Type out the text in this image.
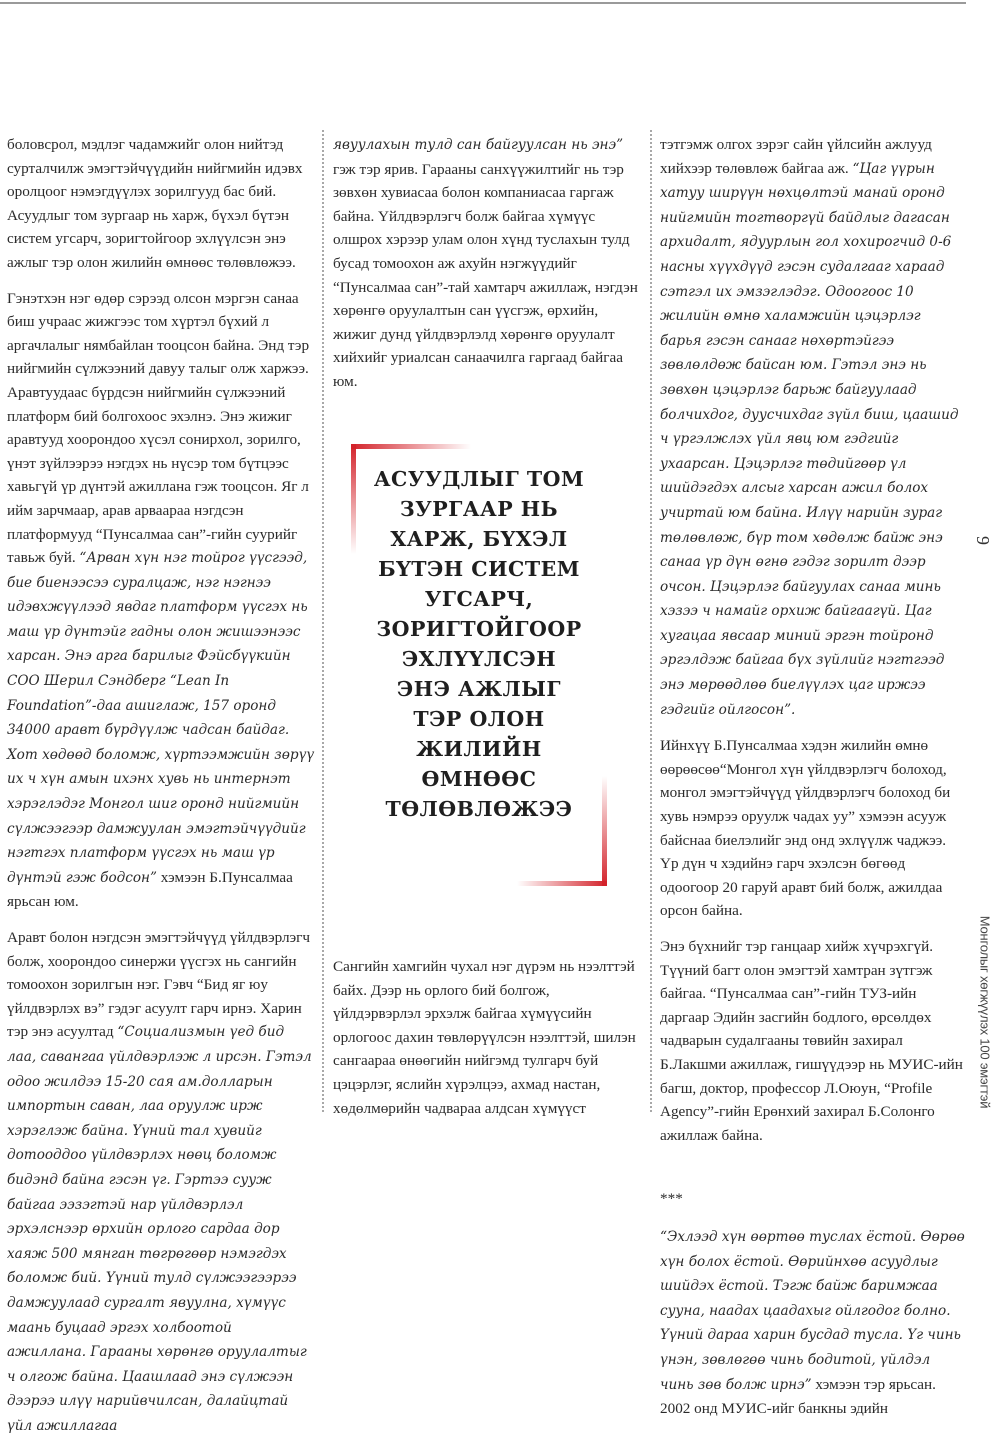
боловсрол, мэдлэг чадамжийг олон нийтэд сурталчилж эмэгтэйчүүдийн нийгмийн идэвх оролцоог нэмэгдүүлэх зорилгууд бас бий. Асуудлыг том зургаар нь харж, бүхэл бүтэн систем угсарч, зоригтойгоор эхлүүлсэн энэ ажлыг тэр олон жилийн өмнөөс төлөвлөжээ.

Гэнэтхэн нэг өдөр сэрээд олсон мэргэн санаа биш учраас жижгээс том хүртэл бүхий л аргачлалыг нямбайлан тооцсон байна. Энд тэр нийгмийн сүлжээний давуу талыг олж харжээ. Аравтуудаас бүрдсэн нийгмийн сүлжээний платформ бий болгохоос эхэлнэ. Энэ жижиг аравтууд хоорондоо хүсэл сонирхол, зорилго, үнэт зүйлээрээ нэгдэх нь нүсэр том бүтцээс хавьгүй үр дүнтэй ажиллана гэж тооцсон. Яг л ийм зарчмаар, арав арваараа нэгдсэн платформууд “Пунсалмаа сан”-гийн суурийг тавьж буй. “Арван хүн нэг тойрог үүсгээд, бие биенээсээ суралцаж, нэг нэгнээ идэвхжүүлээд явдаг платформ үүсгэх нь маш үр дүнтэйг гадны олон жишээнээс харсан. Энэ арга барилыг Фэйсбүүкийн COO Шерил Сэндберг “Lean In Foundation”-даа ашиглаж, 157 оронд 34000 аравт бүрдүүлж чадсан байдаг. Хот хөдөөд боломж, хүртээмжийн зөрүү их ч хүн амын ихэнх хувь нь интернэт хэрэглэдэг Монгол шиг оронд нийгмийн сүлжээгээр дамжуулан эмэгтэйчүүдийг нэгтгэх платформ үүсгэх нь маш үр дүнтэй гэж бодсон” хэмээн Б.Пунсалмаа ярьсан юм.

Аравт болон нэгдсэн эмэгтэйчүүд үйлдвэрлэгч болж, хоорондоо синержи үүсгэх нь сангийн томоохон зорилгын нэг. Гэвч “Бид яг юу үйлдвэрлэх вэ” гэдэг асуулт гарч ирнэ. Харин тэр энэ асуултад “Социализмын үед бид лаа, савангаа үйлдвэрлэж л ирсэн. Гэтэл одоо жилдээ 15-20 сая ам.долларын импортын саван, лаа оруулж ирж хэрэглэж байна. Үүний тал хувийг дотооддоо үйлдвэрлэх нөөц боломж бидэнд байна гэсэн үг. Гэртээ сууж байгаа ээзэгтэй нар үйлдвэрлэл эрхэлснээр өрхийн орлого сардаа дор хаяж 500 мянган төгрөгөөр нэмэгдэх боломж бий. Үүний тулд сүлжээгээрээ дамжуулаад сургалт явуулна, хүмүүс маань буцаад эргэх холбоотой ажиллана. Гарааны хөрөнгө оруулалтыг ч олгож байна. Цаашлаад энэ сүлжээн дээрээ илүү нарийвчилсан, далайцтай үйл ажиллагаа

явуулахын тулд сан байгуулсан нь энэ” гэж тэр ярив. Гарааны санхүүжилтийг нь тэр зөвхөн хувиасаа болон компаниасаа гаргаж байна. Үйлдвэрлэгч болж байгаа хүмүүс олшрох хэрээр улам олон хүнд туслахын тулд бусад томоохон аж ахуйн нэгжүүдийг “Пунсалмаа сан”-тай хамтарч ажиллаж, нэгдэн хөрөнгө оруулалтын сан үүсгэж, өрхийн, жижиг дунд үйлдвэрлэлд хөрөнгө оруулалт хийхийг уриалсан санаачилга гаргаад байгаа юм.

АСУУДЛЫГ ТОМ
ЗУРГААР НЬ
ХАРЖ, БҮХЭЛ
БҮТЭН СИСТЕМ
УГСАРЧ,
ЗОРИГТОЙГООР
ЭХЛҮҮЛСЭН
ЭНЭ АЖЛЫГ
ТЭР ОЛОН
ЖИЛИЙН
ӨМНӨӨС
ТӨЛӨВЛӨЖЭЭ

Сангийн хамгийн чухал нэг дүрэм нь нээлттэй байх. Дээр нь орлого бий болгож, үйлдэрвэрлэл эрхэлж байгаа хүмүүсийн орлогоос дахин төвлөрүүлсэн нээлттэй, шилэн сангаараа өнөөгийн нийгэмд тулгарч буй цэцэрлэг, яслийн хүрэлцээ, ахмад настан, хөдөлмөрийн чадвараа алдсан хүмүүст

тэтгэмж олгох зэрэг сайн үйлсийн ажлууд хийхээр төлөвлөж байгаа аж. “Цаг үүрын хатуу ширүүн нөхцөлтэй манай оронд нийгмийн тогтворгүй байдлыг дагасан архидалт, ядуурлын гол хохирогчид 0-6 насны хүүхдүүд гэсэн судалгааг хараад сэтгэл их эмзэглэдэг. Одоогоос 10 жилийн өмнө халамжийн цэцэрлэг барья гэсэн санааг нөхөртэйгээ зөвлөлдөж байсан юм. Гэтэл энэ нь зөвхөн цэцэрлэг барьж байгуулаад болчихдог, дуусчихдаг зүйл биш, цаашид ч үргэлжлэх үйл явц юм гэдгийг ухаарсан. Цэцэрлэг төдийгөөр үл шийдэгдэх алсыг харсан ажил болох учиртай юм байна. Илүү нарийн зураг төлөвлөж, бүр том хөдөлж байж энэ санаа үр дүн өгнө гэдэг зорилт дээр очсон. Цэцэрлэг байгуулах санаа минь хэзээ ч намайг орхиж байгаагүй. Цаг хугацаа явсаар миний эргэн тойронд эргэлдэж байгаа бүх зүйлийг нэгтгээд энэ мөрөөдлөө биелүүлэх цаг иржээ гэдгийг ойлгосон”.

Ийнхүү Б.Пунсалмаа хэдэн жилийн өмнө өөрөөсөө“Монгол хүн үйлдвэрлэгч болоход, монгол эмэгтэйчүүд үйлдвэрлэгч болоход би хувь нэмрээ оруулж чадах уу” хэмээн асууж байснаа биелэлийг энд онд эхлүүлж чаджээ. Үр дүн ч хэдийнэ гарч эхэлсэн бөгөөд одоогоор 20 гаруй аравт бий болж, ажилдаа орсон байна.

Энэ бүхнийг тэр ганцаар хийж хүчрэхгүй. Түүний багт олон эмэгтэй хамтран зүтгэж байгаа. “Пунсалмаа сан”-гийн ТУЗ-ийн даргаар Эдийн засгийн бодлого, өрсөлдөх чадварын судалгааны төвийн захирал Б.Лакшми ажиллаж, гишүүдээр нь МУИС-ийн багш, доктор, профессор Л.Оюун, “Profile Agency”-гийн Ерөнхий захирал Б.Солонго ажиллаж байна.

***

“Эхлээд хүн өөртөө туслах ёстой. Өөрөө хүн болох ёстой. Өөрийнхөө асуудлыг шийдэх ёстой. Тэгж байж баримжаа суунa, наадах цаадахыг ойлгодог болно. Үүний дараа харин бусдад тусла. Үг чинь үнэн, зөвлөгөө чинь бодитой, үйлдэл чинь зөв болж ирнэ” хэмээн тэр ярьсан. 2002 онд МУИС-ийг банкны эдийн

9
Монголыг хөгжүүлэх 100 эмэгтэй
